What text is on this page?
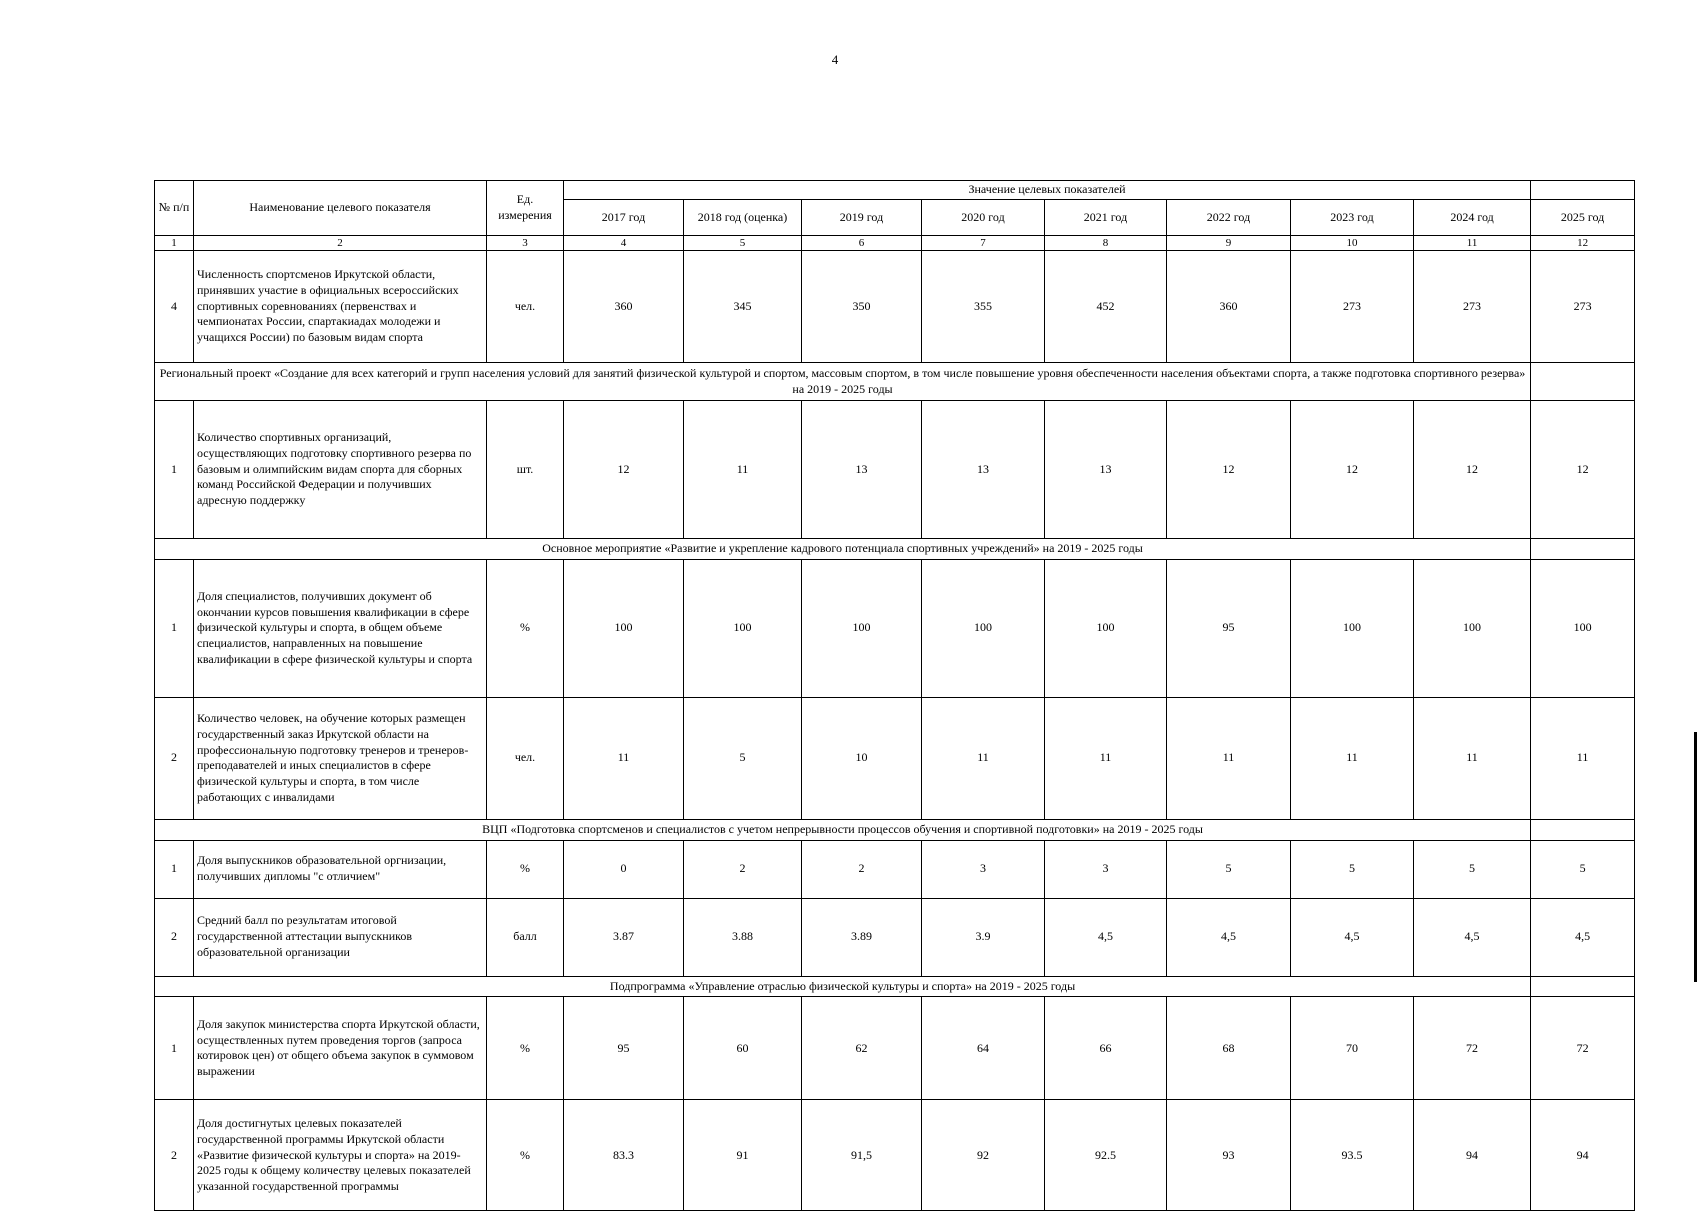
4
№ п/п	Наименование целевого показателя	Ед. измерения	Значение целевых показателей								
			2017 год	2018 год (оценка)	2019 год	2020 год	2021 год	2022 год	2023 год	2024 год	2025 год
1	2	3	4	5	6	7	8	9	10	11	12
4	Численность спортсменов Иркутской области, принявших участие в официальных всероссийских спортивных соревнованиях (первенствах и чемпионатах России, спартакиадах молодежи и учащихся России) по базовым видам спорта	чел.	360	345	350	355	452	360	273	273	273
Региональный проект «Создание для всех категорий и групп населения условий для занятий физической культурой и спортом, массовым спортом, в том числе повышение уровня обеспеченности населения объектами спорта, а также подготовка спортивного резерва» на 2019 - 2025 годы											
1	Количество спортивных организаций, осуществляющих подготовку спортивного резерва по базовым и олимпийским видам спорта для сборных команд Российской Федерации и получивших адресную поддержку	шт.	12	11	13	13	13	12	12	12	12
Основное мероприятие «Развитие и укрепление кадрового потенциала спортивных учреждений» на 2019 - 2025 годы											
1	Доля специалистов, получивших документ об окончании курсов повышения квалификации в сфере физической культуры и спорта, в общем объеме специалистов, направленных на повышение квалификации в сфере физической культуры и спорта	%	100	100	100	100	100	95	100	100	100
2	Количество человек, на обучение которых размещен государственный заказ Иркутской области на профессиональную подготовку тренеров и тренеров-преподавателей и иных специалистов в сфере физической культуры и спорта, в том числе работающих с инвалидами	чел.	11	5	10	11	11	11	11	11	11
ВЦП «Подготовка спортсменов и специалистов с учетом непрерывности процессов обучения и спортивной подготовки» на 2019 - 2025 годы											
1	Доля выпускников образовательной оргнизации, получивших дипломы "с отличием"	%	0	2	2	3	3	5	5	5	5
2	Средний балл по результатам итоговой государственной аттестации выпускников образовательной организации	балл	3.87	3.88	3.89	3.9	4,5	4,5	4,5	4,5	4,5
Подпрограмма «Управление отраслью физической культуры и спорта» на 2019 - 2025 годы											
1	Доля закупок министерства спорта Иркутской области, осуществленных путем проведения торгов (запроса котировок цен) от общего объема закупок в суммовом выражении	%	95	60	62	64	66	68	70	72	72
2	Доля достигнутых целевых показателей государственной программы Иркутской области «Развитие физической культуры и спорта» на 2019-2025 годы к общему количеству целевых показателей указанной государственной программы	%	83.3	91	91,5	92	92.5	93	93.5	94	94
